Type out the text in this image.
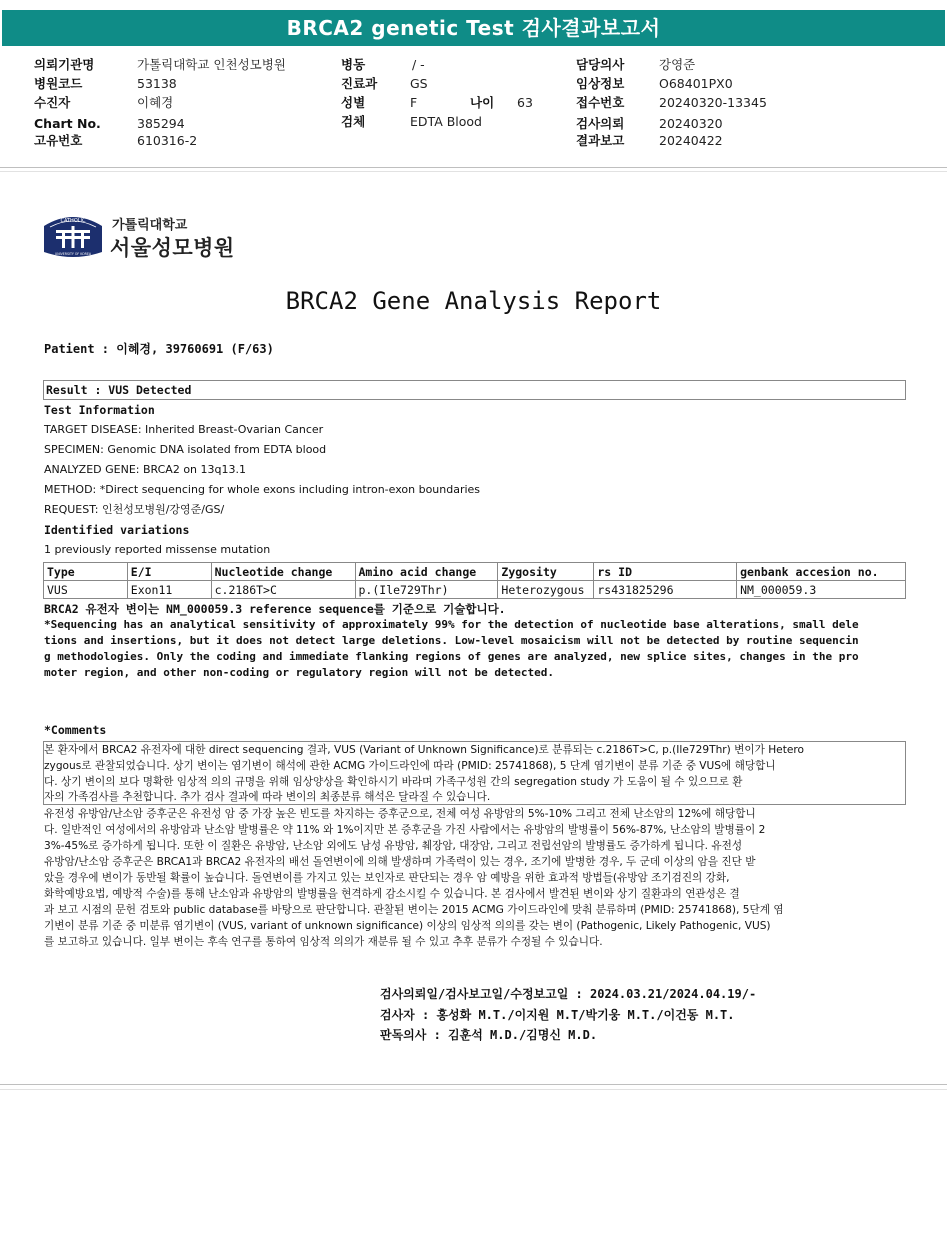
BRCA2 genetic Test 검사결과보고서
의뢰기관명	가톨릭대학교 인천성모병원
병원코드	53138
수진자	이혜경
Chart No.	385294
고유번호	610316-2
병동	/ -
진료과	GS
성별	F	나이 63
검체	EDTA Blood
담당의사	강영준
임상정보	O68401PX0
접수번호	20240320-13345
검사의뢰	20240320
결과보고	20240422
CATHOLIC
UNIVERSITY OF KOREA
가톨릭대학교
서울성모병원
BRCA2 Gene Analysis Report
Patient : 이혜경, 39760691 (F/63)
Result : VUS Detected
Test Information
TARGET DISEASE: Inherited Breast-Ovarian Cancer
SPECIMEN: Genomic DNA isolated from EDTA blood
ANALYZED GENE: BRCA2 on 13q13.1
METHOD: *Direct sequencing for whole exons including intron-exon boundaries
REQUEST: 인천성모병원/강영준/GS/
Identified variations
1 previously reported missense mutation
Type	E/I	Nucleotide change	Amino acid change	Zygosity	rs ID	genbank accesion no.
VUS	Exon11	c.2186T>C	p.(Ile729Thr)	Heterozygous	rs431825296	NM_000059.3
BRCA2 유전자 변이는 NM_000059.3 reference sequence를 기준으로 기술합니다.
*Sequencing has an analytical sensitivity of approximately 99% for the detection of nucleotide base alterations, small dele
tions and insertions, but it does not detect large deletions. Low-level mosaicism will not be detected by routine sequencin
g methodologies. Only the coding and immediate flanking regions of genes are analyzed, new splice sites, changes in the pro
moter region, and other non-coding or regulatory region will not be detected.
*Comments
본 환자에서 BRCA2 유전자에 대한 direct sequencing 결과, VUS (Variant of Unknown Significance)로 분류되는 c.2186T>C, p.(Ile729Thr) 변이가 Hetero
zygous로 관찰되었습니다. 상기 변이는 염기변이 해석에 관한 ACMG 가이드라인에 따라 (PMID: 25741868), 5 단계 염기변이 분류 기준 중 VUS에 해당합니
다. 상기 변이의 보다 명확한 임상적 의의 규명을 위해 임상양상을 확인하시기 바라며 가족구성원 간의 segregation study 가 도움이 될 수 있으므로 환
자의 가족검사를 추천합니다. 추가 검사 결과에 따라 변이의 최종분류 해석은 달라질 수 있습니다.
유전성 유방암/난소암 증후군은 유전성 암 중 가장 높은 빈도를 차지하는 증후군으로, 전체 여성 유방암의 5%-10% 그리고 전체 난소암의 12%에 해당합니
다. 일반적인 여성에서의 유방암과 난소암 발병률은 약 11% 와 1%이지만 본 증후군을 가진 사람에서는 유방암의 발병률이 56%-87%, 난소암의 발병률이 2
3%-45%로 증가하게 됩니다. 또한 이 질환은 유방암, 난소암 외에도 남성 유방암, 췌장암, 대장암, 그리고 전립선암의 발병률도 증가하게 됩니다. 유전성
유방암/난소암 증후군은 BRCA1과 BRCA2 유전자의 배선 돌연변이에 의해 발생하며 가족력이 있는 경우, 조기에 발병한 경우, 두 군데 이상의 암을 진단 받
았을 경우에 변이가 동반될 확률이 높습니다. 돌연변이를 가지고 있는 보인자로 판단되는 경우 암 예방을 위한 효과적 방법들(유방암 조기검진의 강화,
화학예방요법, 예방적 수술)를 통해 난소암과 유방암의 발병률을 현격하게 감소시킬 수 있습니다. 본 검사에서 발견된 변이와 상기 질환과의 연관성은 결
과 보고 시점의 문헌 검토와 public database를 바탕으로 판단합니다. 관찰된 변이는 2015 ACMG 가이드라인에 맞춰 분류하며 (PMID: 25741868), 5단계 염
기변이 분류 기준 중 미분류 염기변이 (VUS, variant of unknown significance) 이상의 임상적 의의를 갖는 변이 (Pathogenic, Likely Pathogenic, VUS)
를 보고하고 있습니다. 일부 변이는 후속 연구를 통하여 임상적 의의가 재분류 될 수 있고 추후 분류가 수정될 수 있습니다.
검사의뢰일/검사보고일/수정보고일 : 2024.03.21/2024.04.19/-
검사자 : 홍성화 M.T./이지원 M.T/박기웅 M.T./이건동 M.T.
판독의사 : 김훈석 M.D./김명신 M.D.
